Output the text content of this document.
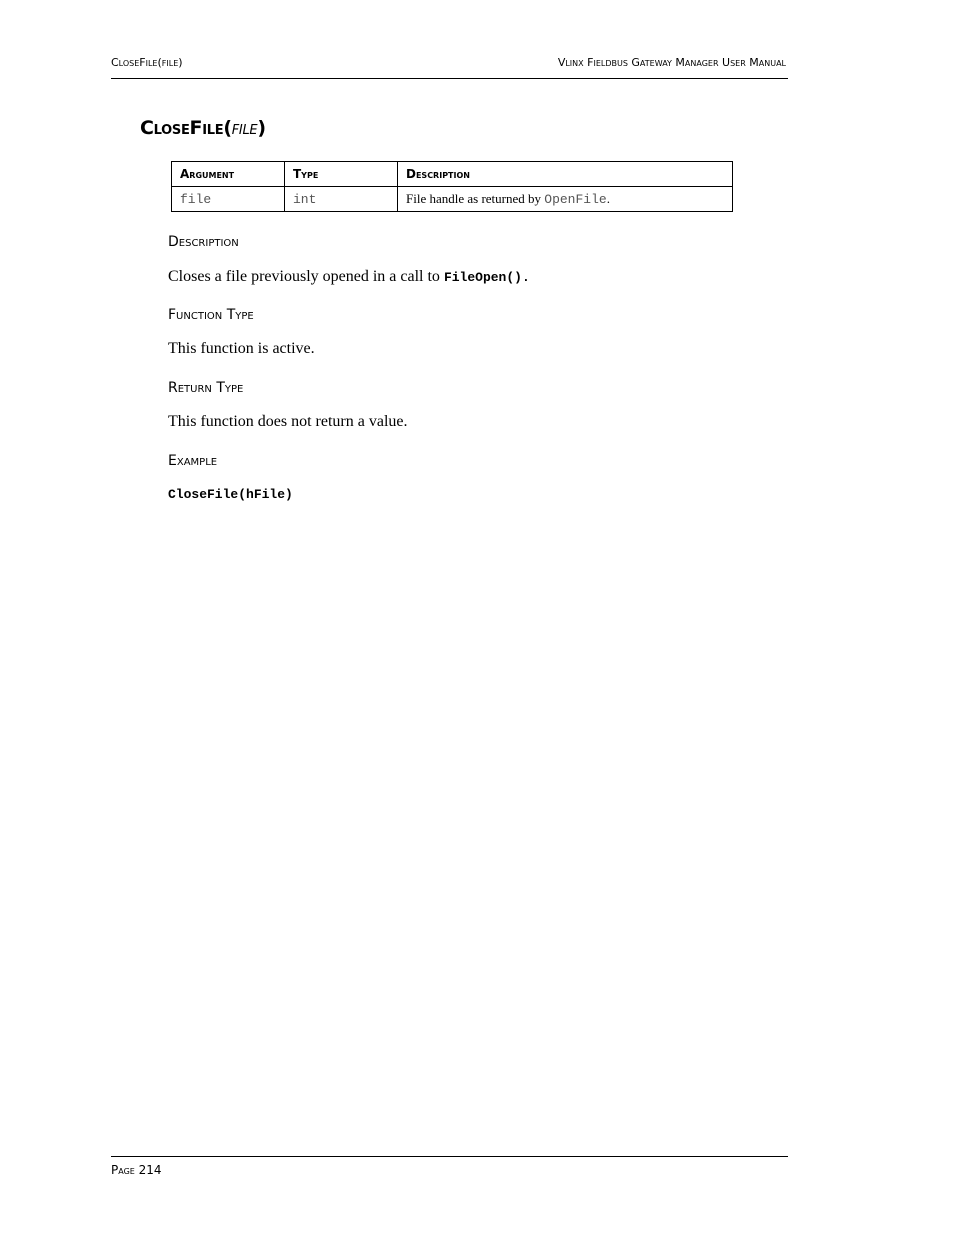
CloseFile(file)	Vlinx Fieldbus Gateway Manager User Manual
CloseFile(file)
Argument	Type	Description
file	int	File handle as returned by OpenFile.
Description
Closes a file previously opened in a call to FileOpen().
Function Type
This function is active.
Return Type
This function does not return a value.
Example
CloseFile(hFile)
Page 214
